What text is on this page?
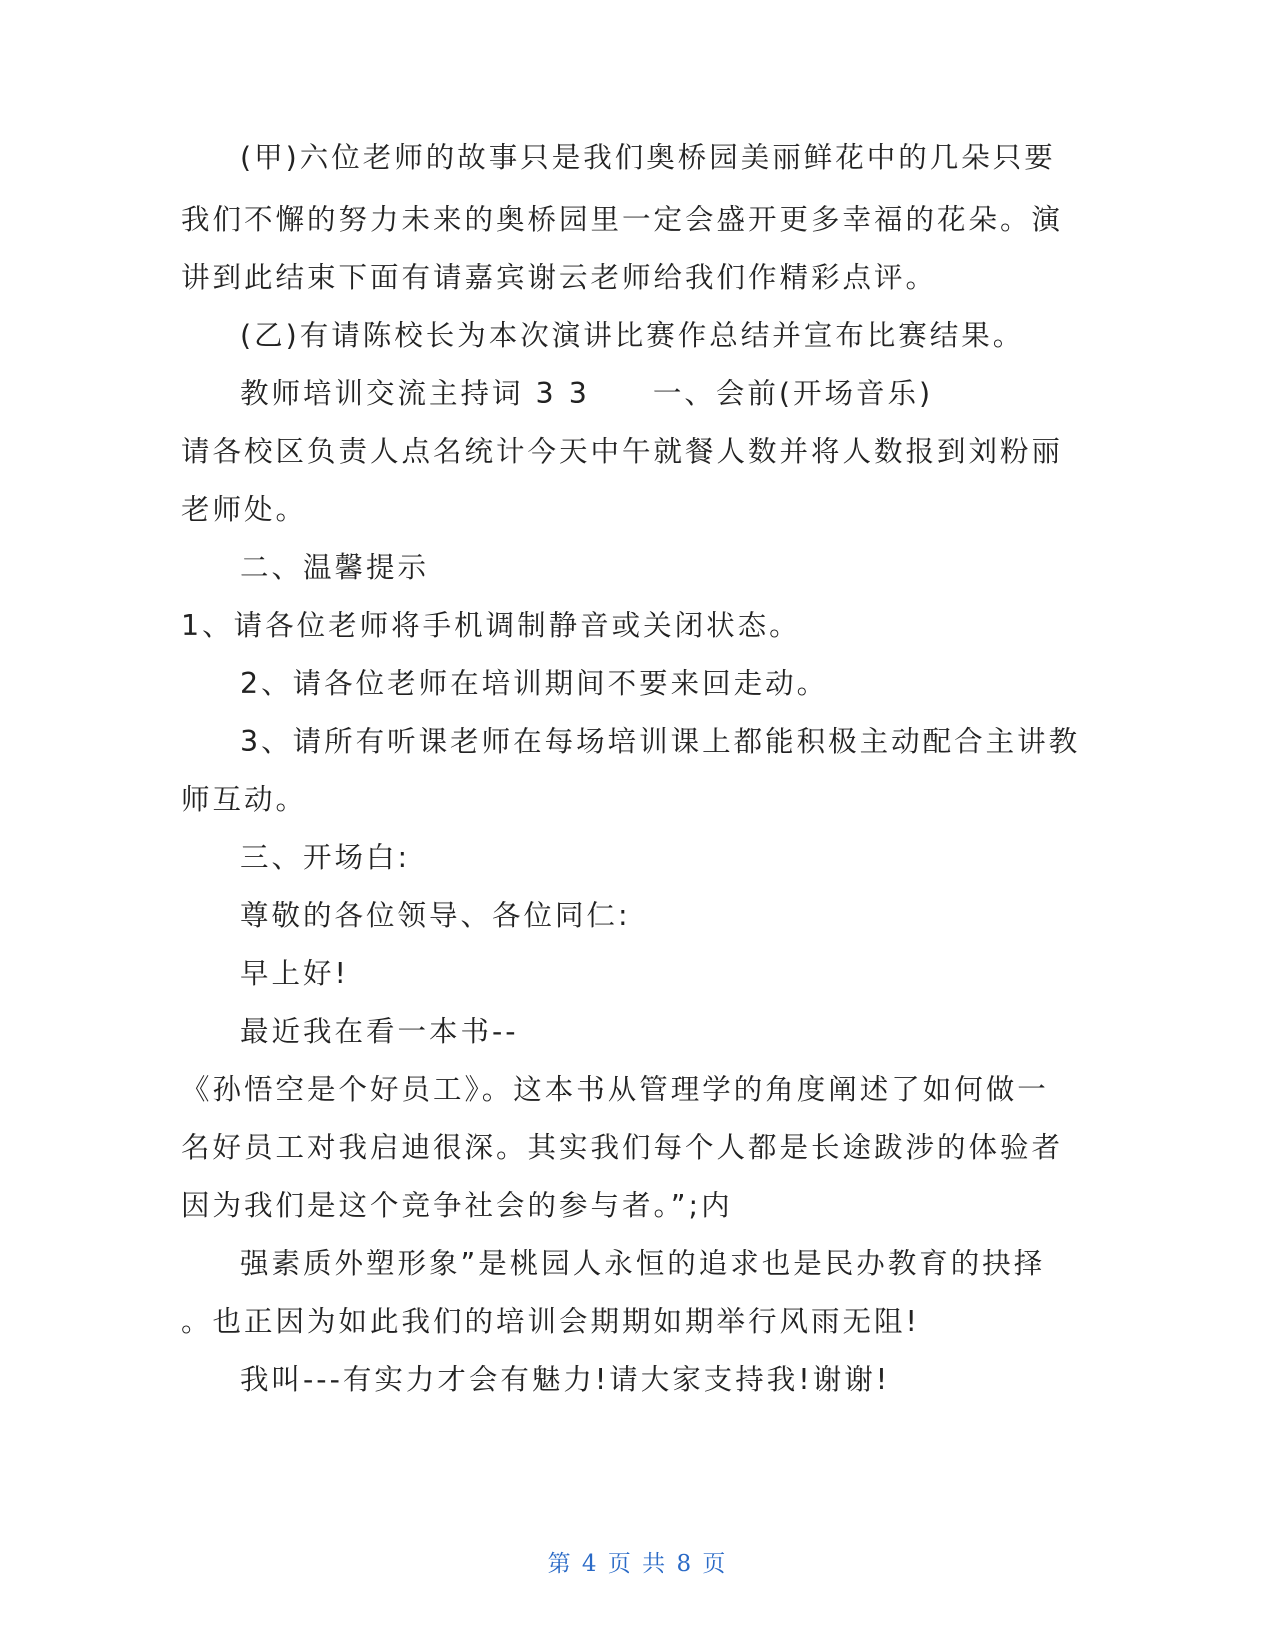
(甲)六位老师的故事只是我们奥桥园美丽鲜花中的几朵只要
我们不懈的努力未来的奥桥园里一定会盛开更多幸福的花朵。演
讲到此结束下面有请嘉宾谢云老师给我们作精彩点评。
(乙)有请陈校长为本次演讲比赛作总结并宣布比赛结果。
教师培训交流主持词 3 3　　一、会前(开场音乐)
请各校区负责人点名统计今天中午就餐人数并将人数报到刘粉丽
老师处。
二、温馨提示
1、请各位老师将手机调制静音或关闭状态。
2、请各位老师在培训期间不要来回走动。
3、请所有听课老师在每场培训课上都能积极主动配合主讲教
师互动。
三、开场白:
尊敬的各位领导、各位同仁:
早上好!
最近我在看一本书--
《孙悟空是个好员工》。这本书从管理学的角度阐述了如何做一
名好员工对我启迪很深。其实我们每个人都是长途跋涉的体验者
因为我们是这个竞争社会的参与者。”;内
强素质外塑形象”是桃园人永恒的追求也是民办教育的抉择
。也正因为如此我们的培训会期期如期举行风雨无阻!
我叫---有实力才会有魅力!请大家支持我!谢谢!
第 4 页 共 8 页
